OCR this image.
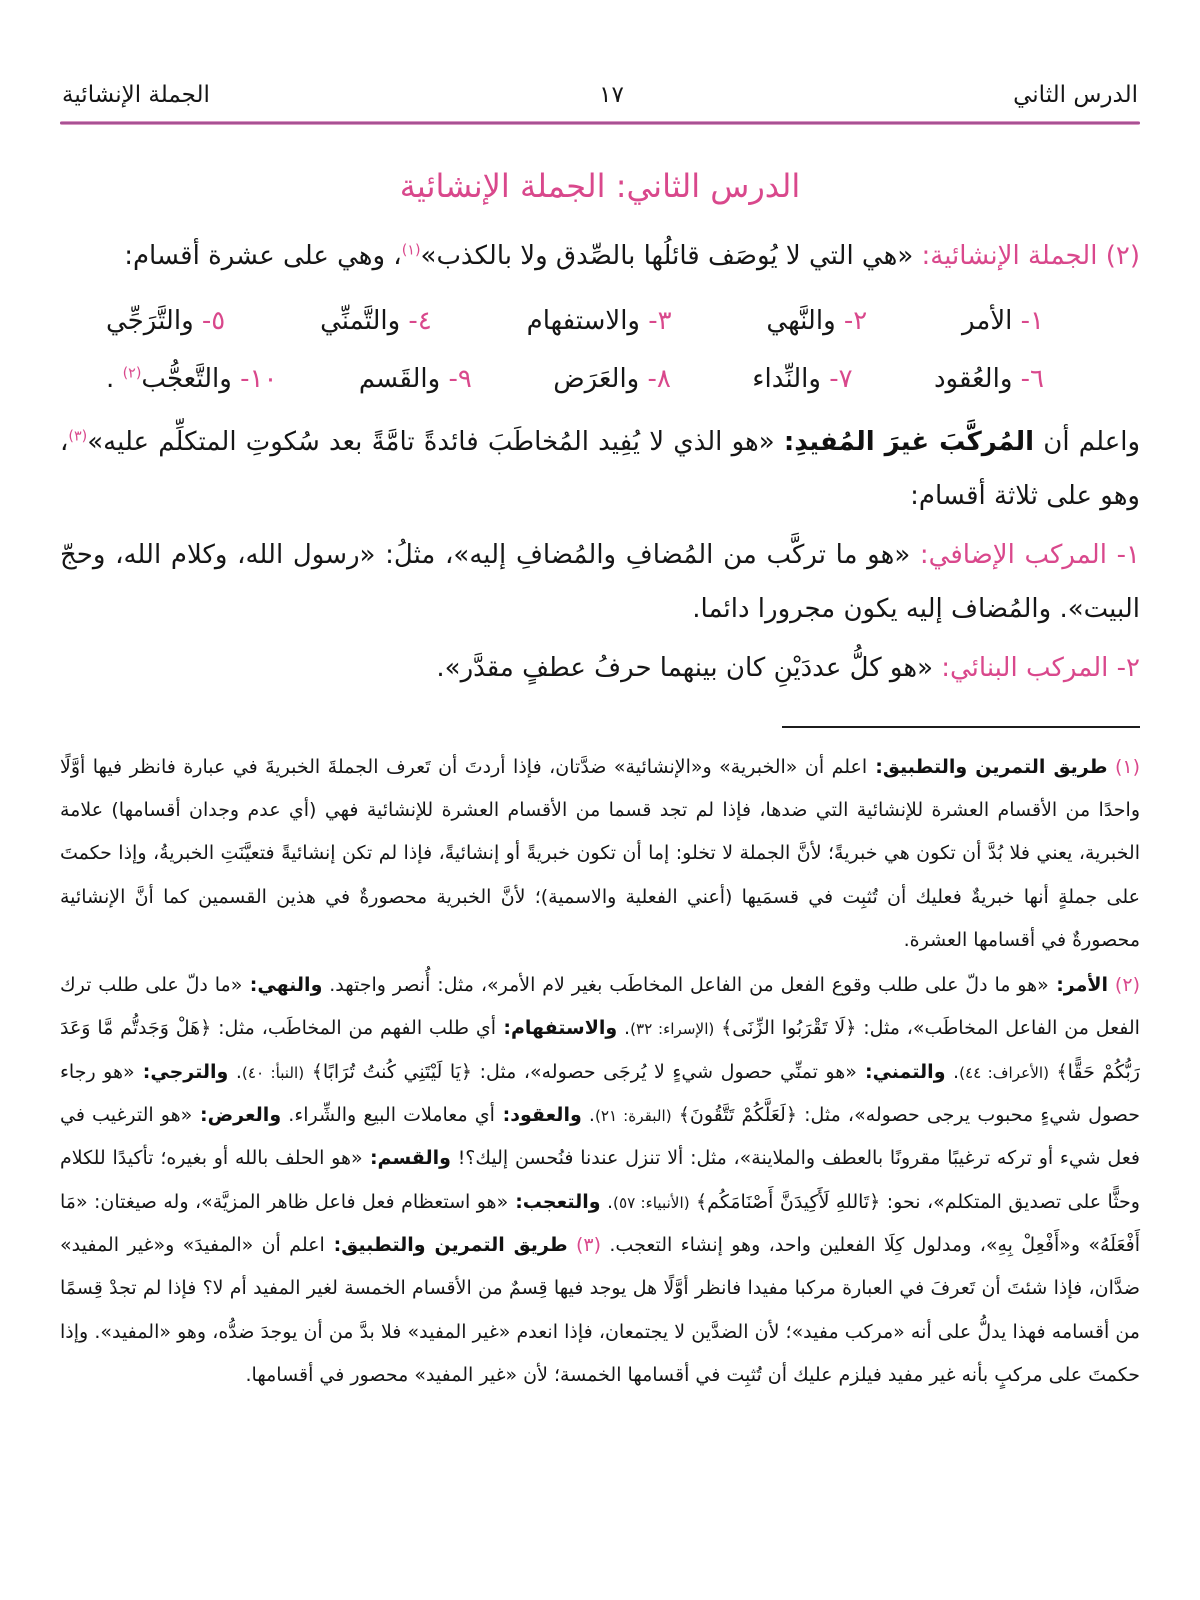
الدرس الثاني
١٧
الجملة الإنشائية
الدرس الثاني: الجملة الإنشائية

(٢) الجملة الإنشائية: «هي التي لا يُوصَف قائلُها بالصِّدق ولا بالكذب»$^{(١)}$، وهي على عشرة أقسام:

١- الأمر
٢- والنَّهي
٣- والاستفهام
٤- والتَّمنِّي
٥- والتَّرَجِّي
٦- والعُقود
٧- والنِّداء
٨- والعَرَض
٩- والقَسم
١٠- والتَّعجُّب$^{(٢)}$ .

واعلم أن المُركَّبَ غيرَ المُفيدِ: «هو الذي لا يُفِيد المُخاطَبَ فائدةً تامَّةً بعد سُكوتِ المتكلِّم عليه»$^{(٣)}$، وهو على ثلاثة أقسام:

١- المركب الإضافي: «هو ما تركَّب من المُضافِ والمُضافِ إليه»، مثلُ: «رسول الله، وكلام الله، وحجّ البيت». والمُضاف إليه يكون مجرورا دائما.

٢- المركب البنائي: «هو كلُّ عددَيْنِ كان بينهما حرفُ عطفٍ مقدَّر».

(١) طريق التمرين والتطبيق: اعلم أن «الخبرية» و«الإنشائية» ضدَّتان، فإذا أردتَ أن تَعرف الجملةَ الخبريةَ في عبارة فانظر فيها أوَّلًا واحدًا من الأقسام العشرة للإنشائية التي ضدها، فإذا لم تجد قسما من الأقسام العشرة للإنشائية فهي (أي عدم وجدان أقسامها) علامة الخبرية، يعني فلا بُدَّ أن تكون هي خبريةً؛ لأنَّ الجملة لا تخلو: إما أن تكون خبريةً أو إنشائيةً، فإذا لم تكن إنشائيةً فتعيَّنَتِ الخبريةُ، وإذا حكمتَ على جملةٍ أنها خبريةٌ فعليك أن تُثبِت في قسمَيها (أعني الفعلية والاسمية)؛ لأنَّ الخبرية محصورةٌ في هذين القسمين كما أنَّ الإنشائية محصورةٌ في أقسامها العشرة.

(٢) الأمر: «هو ما دلّ على طلب وقوع الفعل من الفاعل المخاطَب بغير لام الأمر»، مثل: أُنصر واجتهد. والنهي: «ما دلّ على طلب ترك الفعل من الفاعل المخاطَب»، مثل: ﴿لَا تَقْرَبُوا الزِّنَى﴾ (الإسراء: ٣٢). والاستفهام: أي طلب الفهم من المخاطَب، مثل: ﴿هَلْ وَجَدتُّم مَّا وَعَدَ رَبُّكُمْ حَقًّا﴾ (الأعراف: ٤٤). والتمني: «هو تمنِّي حصول شيءٍ لا يُرجَى حصوله»، مثل: ﴿يَا لَيْتَنِي كُنتُ تُرَابًا﴾ (النبأ: ٤٠). والترجي: «هو رجاء حصول شيءٍ محبوب يرجى حصوله»، مثل: ﴿لَعَلَّكُمْ تَتَّقُونَ﴾ (البقرة: ٢١). والعقود: أي معاملات البيع والشِّراء. والعرض: «هو الترغيب في فعل شيء أو تركه ترغيبًا مقرونًا بالعطف والملاينة»، مثل: ألا تنزل عندنا فنُحسن إليك؟! والقسم: «هو الحلف بالله أو بغيره؛ تأكيدًا للكلام وحثًّا على تصديق المتكلم»، نحو: ﴿تَاللهِ لَأَكِيدَنَّ أَصْنَامَكُم﴾ (الأنبياء: ٥٧). والتعجب: «هو استعظام فعل فاعل ظاهر المزيَّة»، وله صيغتان: «مَا أَفْعَلَهُ» و«أَفْعِلْ بِهِ»، ومدلول كِلَا الفعلين واحد، وهو إنشاء التعجب. (٣) طريق التمرين والتطبيق: اعلم أن «المفيدَ» و«غير المفيد» ضدَّان، فإذا شئتَ أن تَعرفَ في العبارة مركبا مفيدا فانظر أوَّلًا هل يوجد فيها قِسمٌ من الأقسام الخمسة لغير المفيد أم لا؟ فإذا لم تجدْ قِسمًا من أقسامه فهذا يدلُّ على أنه «مركب مفيد»؛ لأن الضدَّين لا يجتمعان، فإذا انعدم «غير المفيد» فلا بدَّ من أن يوجدَ ضدُّه، وهو «المفيد». وإذا حكمتَ على مركبٍ بأنه غير مفيد فيلزم عليك أن تُثبِت في أقسامها الخمسة؛ لأن «غير المفيد» محصور في أقسامها.
